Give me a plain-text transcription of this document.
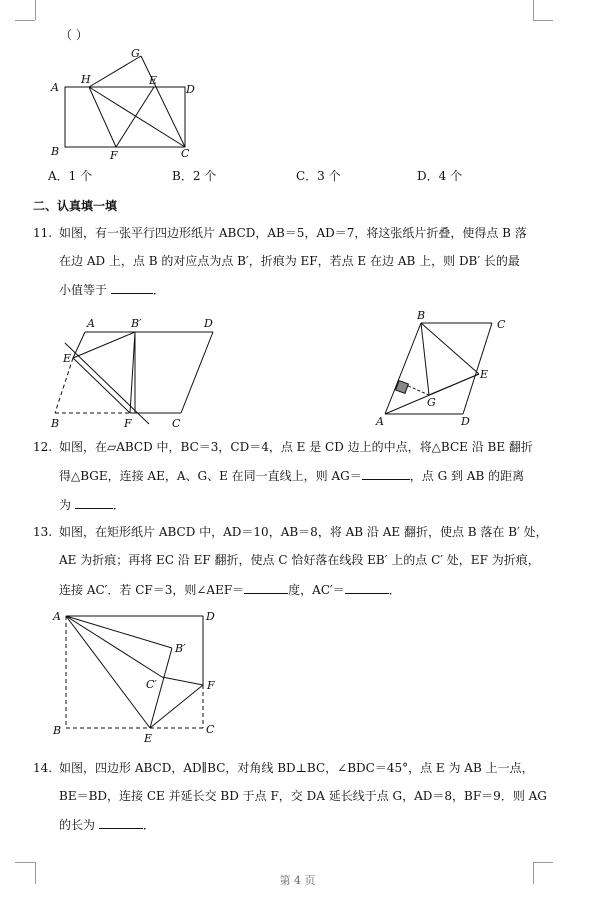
（ ）
A
H
G
E
D
B	F	C
A．1 个	B．2 个	C．3 个	D．4 个
二、认真填一填
11. 如图，有一张平行四边形纸片 ABCD，AB＝5，AD＝7，将这张纸片折叠，使得点 B 落
在边 AD 上，点 B 的对应点为点 B′，折痕为 EF，若点 E 在边 AB 上，则 DB′ 长的最
小值等于	．
A	B′	D
E
B	F	C
B
C
E
G
A	D
12. 如图，在▱ABCD 中，BC＝3，CD＝4，点 E 是 CD 边上的中点，将△BCE 沿 BE 翻折
得△BGE，连接 AE，A、G、E 在同一直线上，则 AG＝	，点 G 到 AB 的距离
为	．
13. 如图，在矩形纸片 ABCD 中，AD＝10，AB＝8，将 AB 沿 AE 翻折，使点 B 落在 B′ 处，
AE 为折痕；再将 EC 沿 EF 翻折，使点 C 恰好落在线段 EB′ 上的点 C′ 处，EF 为折痕，
连接 AC′．若 CF＝3，则∠AEF＝	度，AC′＝	．
A	D
B′
C′	F
B
E
C
14. 如图，四边形 ABCD，AD∥BC，对角线 BD⊥BC，∠BDC＝45°，点 E 为 AB 上一点，
BE＝BD，连接 CE 并延长交 BD 于点 F，交 DA 延长线于点 G，AD＝8，BF＝9．则 AG
的长为	．
第 4 页
